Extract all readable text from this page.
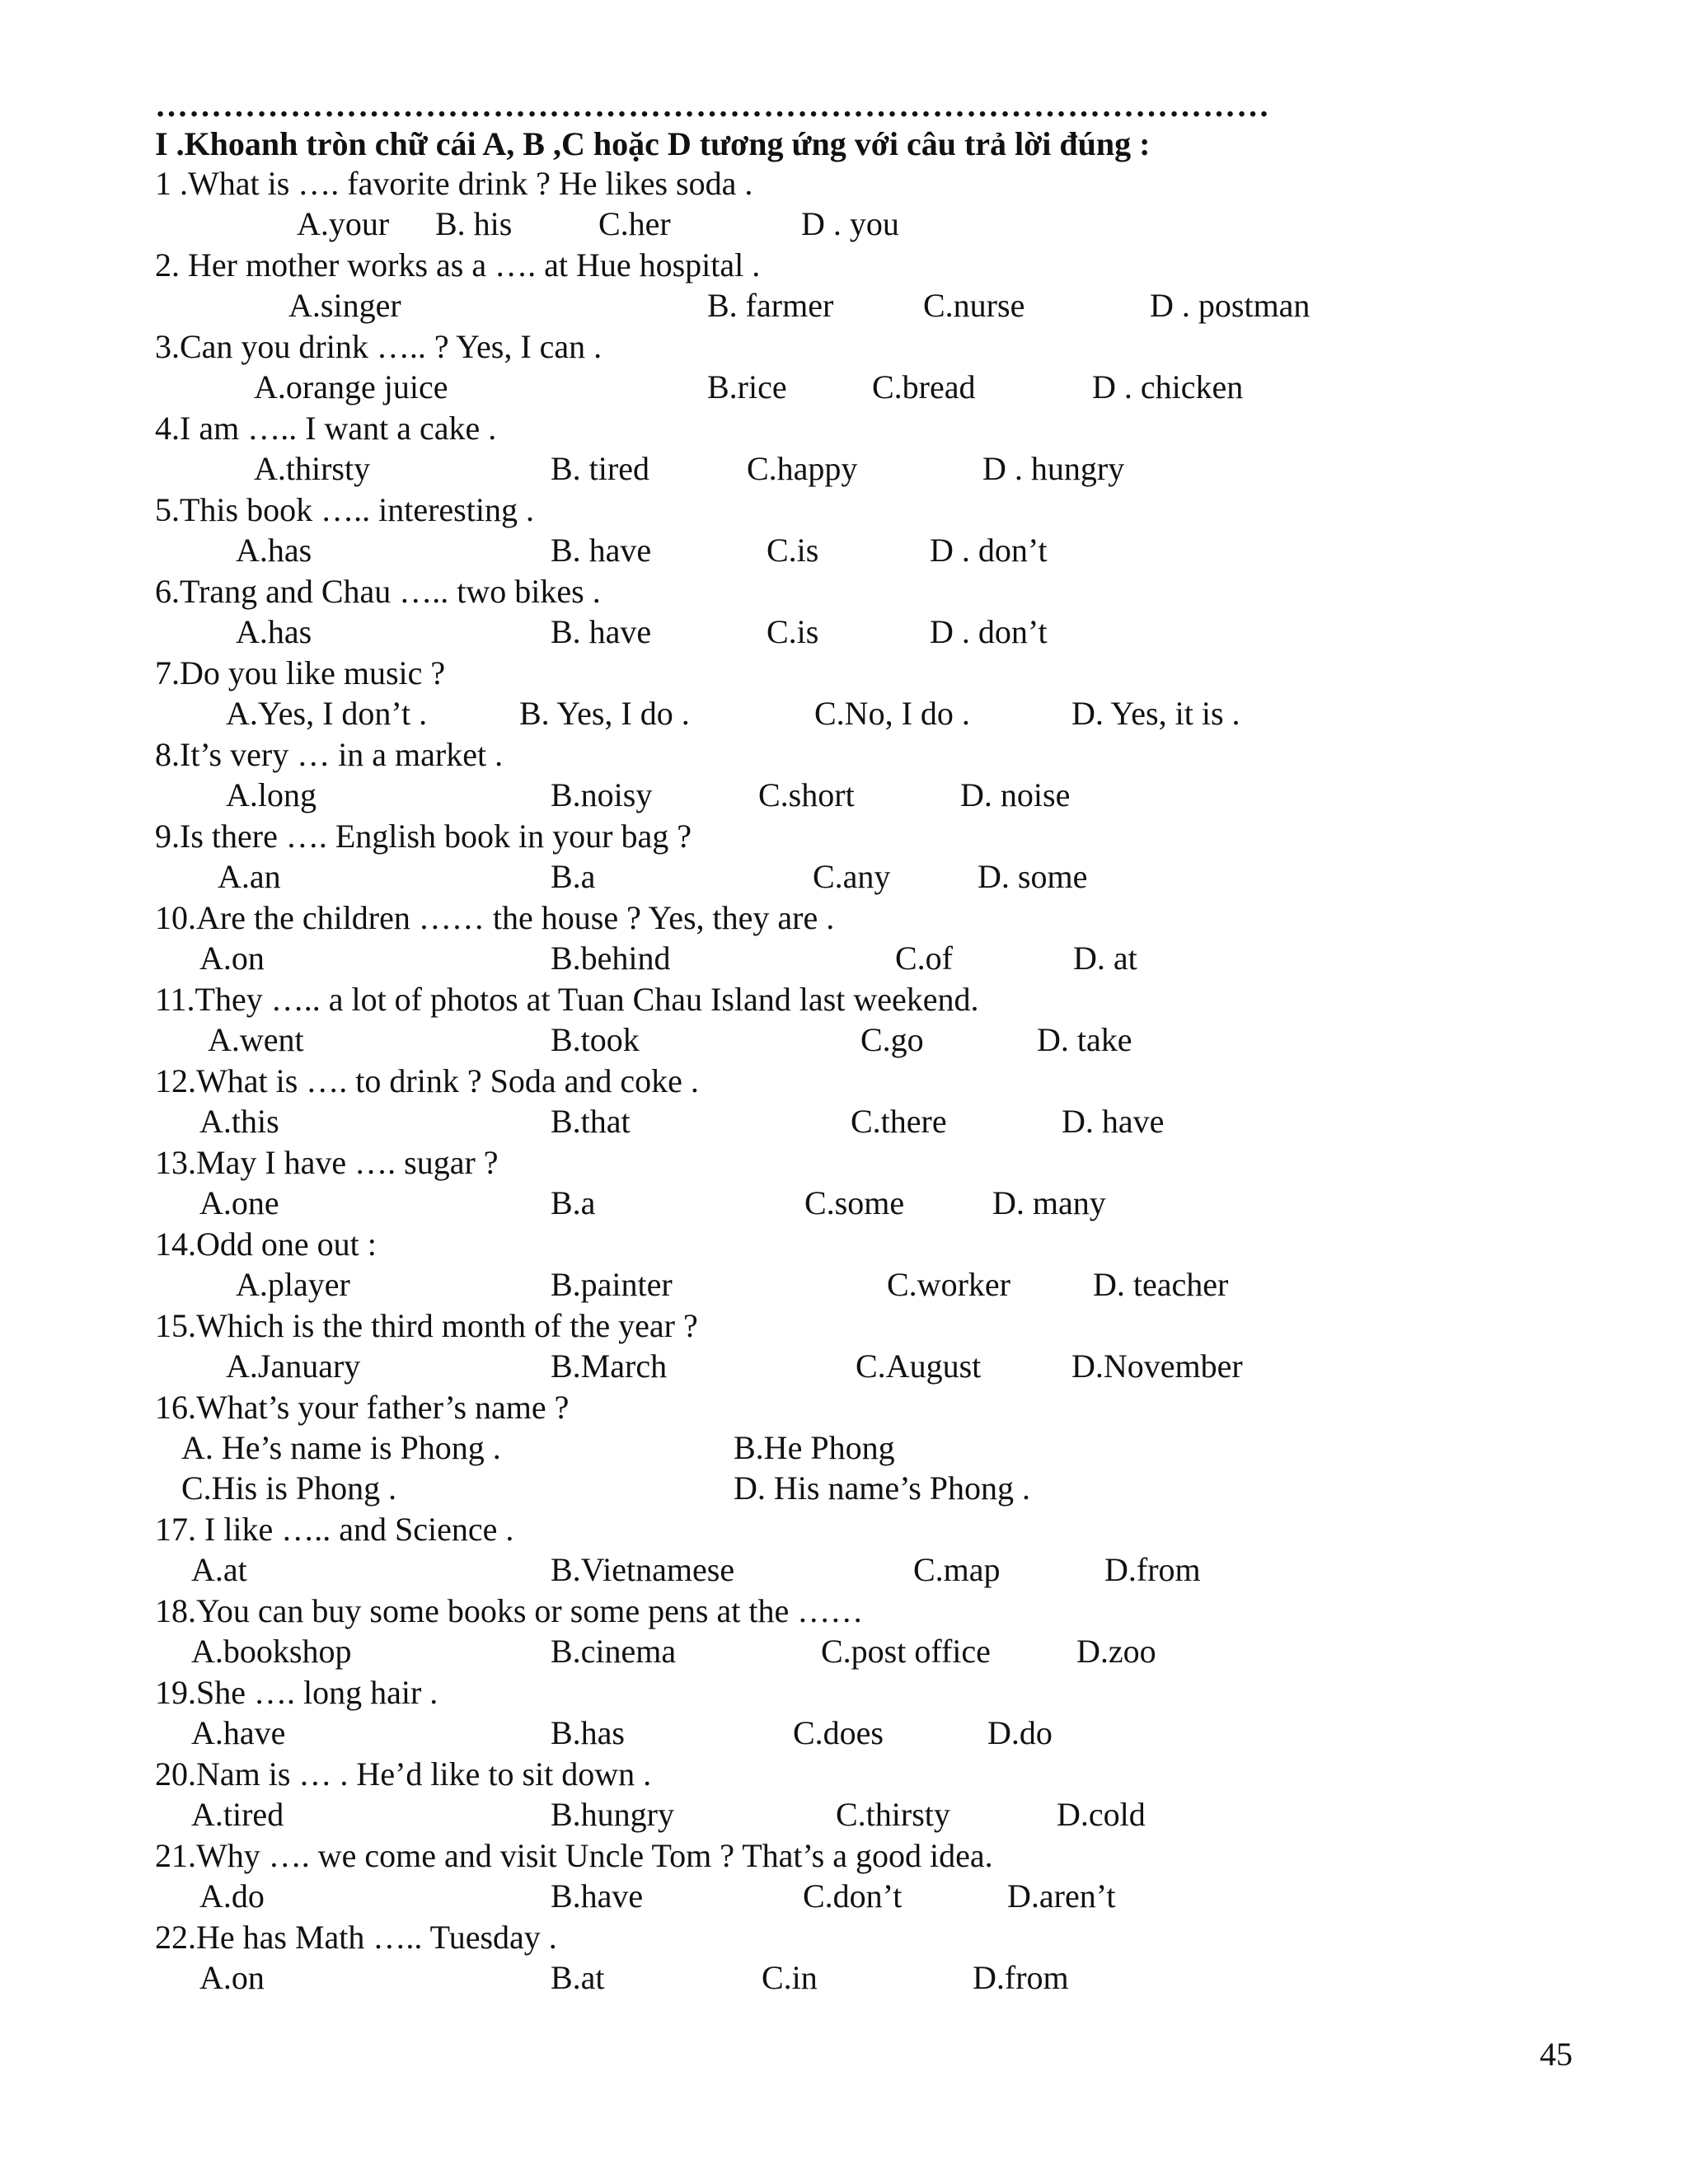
………………………………………………………………………………………
I .Khoanh tròn chữ cái A, B ,C hoặc D tương ứng với câu trả lời đúng :
1 .What is …. favorite drink ? He likes soda .
A.your B. his	C.her	D . you
2. Her mother works as a …. at Hue hospital .
A.singer	B. farmer	C.nurse	D . postman
3.Can you drink ….. ? Yes, I can .
A.orange juice	B.rice	C.bread	D . chicken
4.I am ….. I want a cake .
A.thirsty	B. tired	C.happy	D . hungry
5.This book ….. interesting .
A.has	B. have	C.is	D . don’t
6.Trang and Chau ….. two bikes .
A.has	B. have	C.is	D . don’t
7.Do you like music ?
A.Yes, I don’t .	B. Yes, I do .	C.No, I do .	D. Yes, it is .
8.It’s very … in a market .
A.long	B.noisy	C.short	D. noise
9.Is there …. English book in your bag ?
A.an	B.a	C.any	D. some
10.Are the children …… the house ? Yes, they are .
A.on	B.behind	C.of	D. at
11.They ….. a lot of photos at Tuan Chau Island last weekend.
A.went	B.took	C.go	D. take
12.What is …. to drink ? Soda and coke .
A.this	B.that	C.there	D. have
13.May I have …. sugar ?
A.one	B.a	C.some	D. many
14.Odd one out :
A.player	B.painter	C.worker	D. teacher
15.Which is the third month of the year ?
A.January	B.March	C.August	D.November
16.What’s your father’s name ?
A. He’s name is Phong .	B.He Phong
C.His is Phong .	D. His name’s Phong .
17. I like ….. and Science .
A.at	B.Vietnamese	C.map	D.from
18.You can buy some books or some pens at the ……
A.bookshop	B.cinema	C.post office	D.zoo
19.She …. long hair .
A.have	B.has	C.does	D.do
20.Nam is … . He’d like to sit down .
A.tired	B.hungry	C.thirsty	D.cold
21.Why …. we come and visit Uncle Tom ? That’s a good idea.
A.do	B.have	C.don’t	D.aren’t
22.He has Math ….. Tuesday .
A.on	B.at	C.in	D.from
45
